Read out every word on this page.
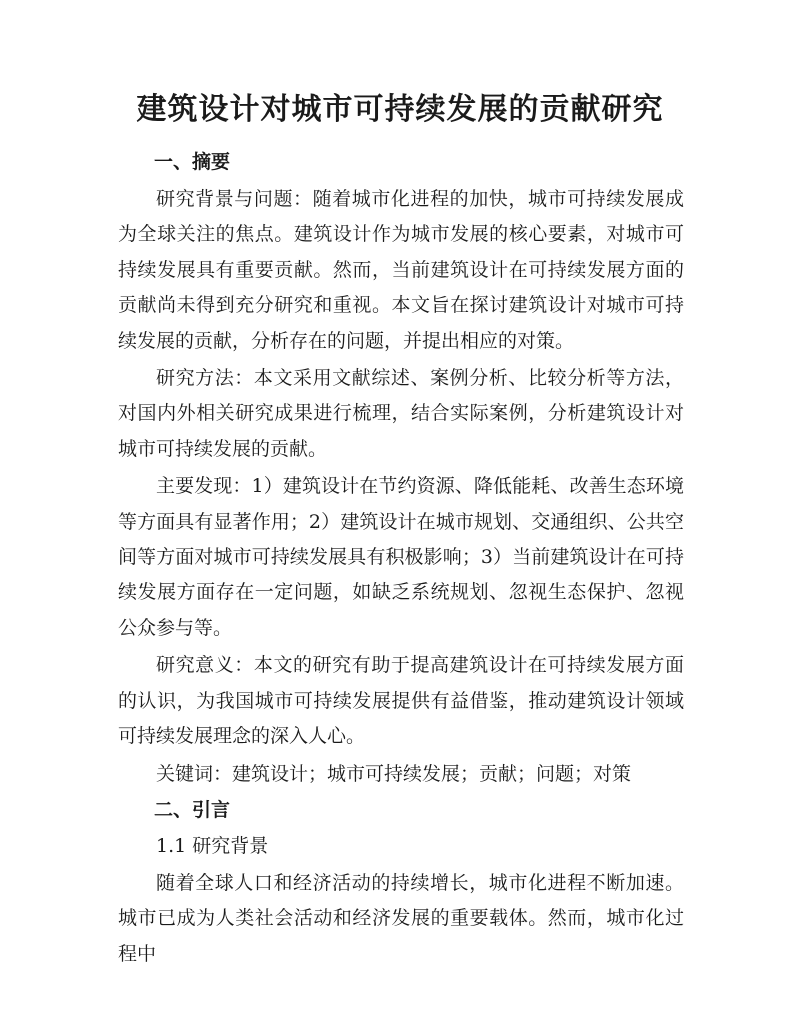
建筑设计对城市可持续发展的贡献研究
一、摘要

研究背景与问题：随着城市化进程的加快，城市可持续发展成为全球关注的焦点。建筑设计作为城市发展的核心要素，对城市可持续发展具有重要贡献。然而，当前建筑设计在可持续发展方面的贡献尚未得到充分研究和重视。本文旨在探讨建筑设计对城市可持续发展的贡献，分析存在的问题，并提出相应的对策。

研究方法：本文采用文献综述、案例分析、比较分析等方法，对国内外相关研究成果进行梳理，结合实际案例，分析建筑设计对城市可持续发展的贡献。

主要发现：1）建筑设计在节约资源、降低能耗、改善生态环境等方面具有显著作用；2）建筑设计在城市规划、交通组织、公共空间等方面对城市可持续发展具有积极影响；3）当前建筑设计在可持续发展方面存在一定问题，如缺乏系统规划、忽视生态保护、忽视公众参与等。

研究意义：本文的研究有助于提高建筑设计在可持续发展方面的认识，为我国城市可持续发展提供有益借鉴，推动建筑设计领域可持续发展理念的深入人心。

关键词：建筑设计；城市可持续发展；贡献；问题；对策

二、引言
1.1 研究背景

随着全球人口和经济活动的持续增长，城市化进程不断加速。城市已成为人类社会活动和经济发展的重要载体。然而，城市化过程中
